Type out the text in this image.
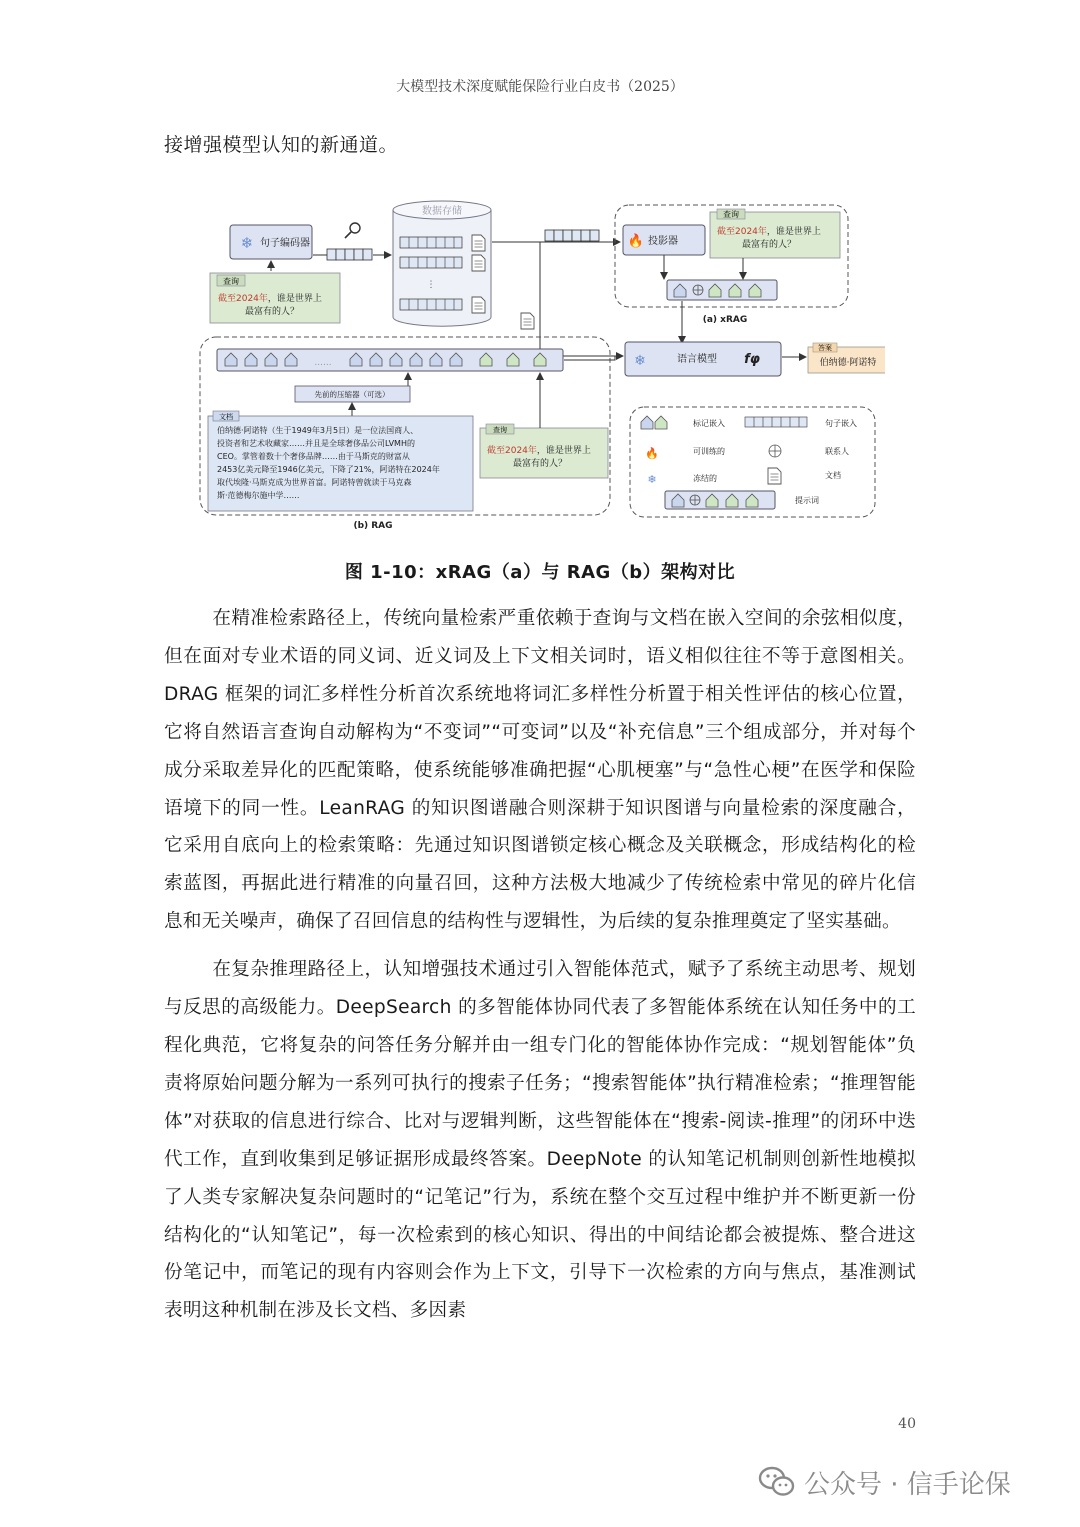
大模型技术深度赋能保险行业白皮书（2025）
接增强模型认知的新通道。
❄ 句子编码器
查询
截至2024年，谁是世界上
最富有的人？
数据存储
⋮
🔥 投影器
查询
截至2024年，谁是世界上
最富有的人？
(a) xRAG
❄	语言模型 fφ
答案
伯纳德·阿诺特
......
先前的压缩器（可选）
文档
伯纳德·阿诺特（生于1949年3月5日）是一位法国商人、
投资者和艺术收藏家……并且是全球奢侈品公司LVMH的
CEO。掌管着数十个奢侈品牌……由于马斯克的财富从
2453亿美元降至1946亿美元，下降了21%，阿诺特在2024年
取代埃隆·马斯克成为世界首富。阿诺特曾就读于马克森
斯·范德梅尔施中学……
查询
截至2024年，谁是世界上
最富有的人？
(b) RAG
标记嵌入	句子嵌入
🔥	可训练的	联系人
❄	冻结的	文档
提示词
图 1-10：xRAG（a）与 RAG（b）架构对比

在精准检索路径上，传统向量检索严重依赖于查询与文档在嵌入空间的余弦相似度，但在面对专业术语的同义词、近义词及上下文相关词时，语义相似往往不等于意图相关。DRAG 框架的词汇多样性分析首次系统地将词汇多样性分析置于相关性评估的核心位置，它将自然语言查询自动解构为“不变词”“可变词”以及“补充信息”三个组成部分，并对每个成分采取差异化的匹配策略，使系统能够准确把握“心肌梗塞”与“急性心梗”在医学和保险语境下的同一性。LeanRAG 的知识图谱融合则深耕于知识图谱与向量检索的深度融合，它采用自底向上的检索策略：先通过知识图谱锁定核心概念及关联概念，形成结构化的检索蓝图，再据此进行精准的向量召回，这种方法极大地减少了传统检索中常见的碎片化信息和无关噪声，确保了召回信息的结构性与逻辑性，为后续的复杂推理奠定了坚实基础。

在复杂推理路径上，认知增强技术通过引入智能体范式，赋予了系统主动思考、规划与反思的高级能力。DeepSearch 的多智能体协同代表了多智能体系统在认知任务中的工程化典范，它将复杂的问答任务分解并由一组专门化的智能体协作完成：“规划智能体”负责将原始问题分解为一系列可执行的搜索子任务；“搜索智能体”执行精准检索；“推理智能体”对获取的信息进行综合、比对与逻辑判断，这些智能体在“搜索-阅读-推理”的闭环中迭代工作，直到收集到足够证据形成最终答案。DeepNote 的认知笔记机制则创新性地模拟了人类专家解决复杂问题时的“记笔记”行为，系统在整个交互过程中维护并不断更新一份结构化的“认知笔记”，每一次检索到的核心知识、得出的中间结论都会被提炼、整合进这份笔记中，而笔记的现有内容则会作为上下文，引导下一次检索的方向与焦点，基准测试表明这种机制在涉及长文档、多因素

40
公众号 · 信手论保
